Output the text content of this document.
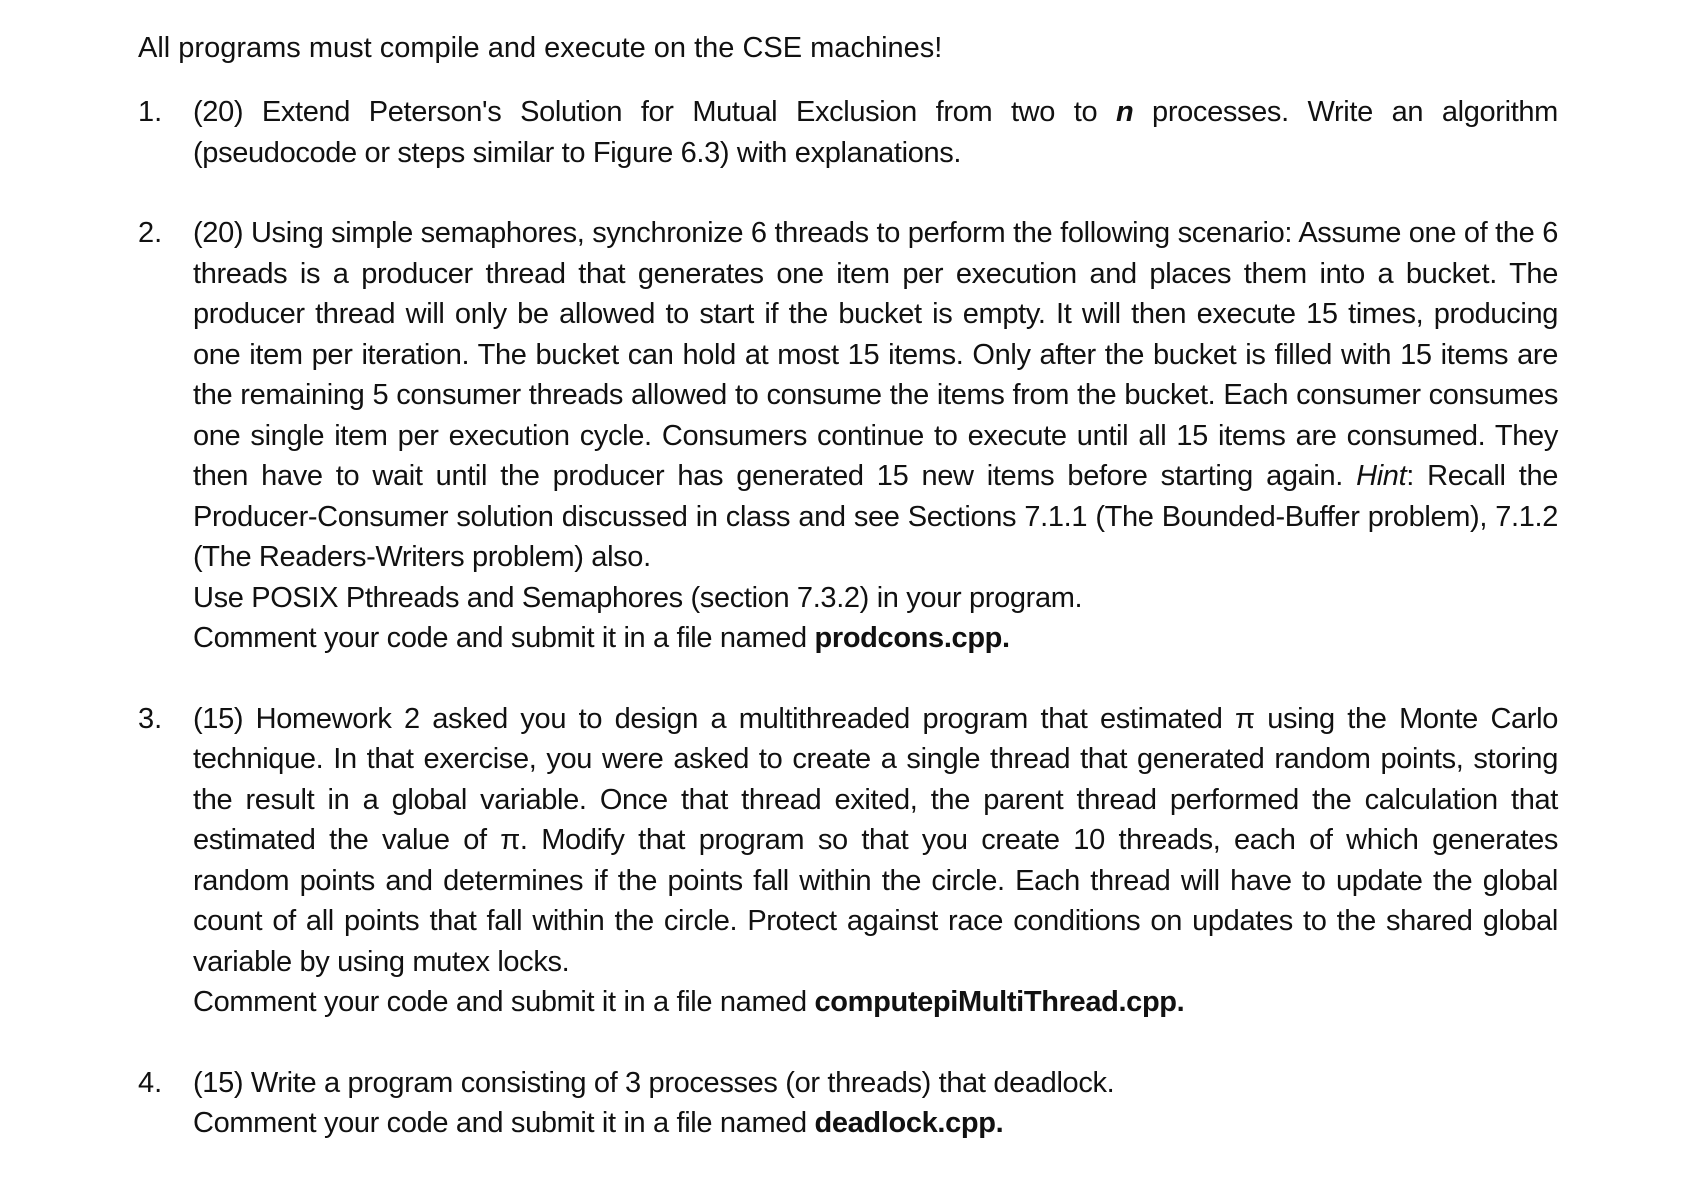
All programs must compile and execute on the CSE machines!
1. (20) Extend Peterson's Solution for Mutual Exclusion from two to n processes. Write an algorithm (pseudocode or steps similar to Figure 6.3) with explanations.
2. (20) Using simple semaphores, synchronize 6 threads to perform the following scenario: Assume one of the 6 threads is a producer thread that generates one item per execution and places them into a bucket. The producer thread will only be allowed to start if the bucket is empty. It will then execute 15 times, producing one item per iteration. The bucket can hold at most 15 items. Only after the bucket is filled with 15 items are the remaining 5 consumer threads allowed to consume the items from the bucket. Each consumer consumes one single item per execution cycle. Consumers continue to execute until all 15 items are consumed. They then have to wait until the producer has generated 15 new items before starting again. Hint: Recall the Producer-Consumer solution discussed in class and see Sections 7.1.1 (The Bounded-Buffer problem), 7.1.2 (The Readers-Writers problem) also.
Use POSIX Pthreads and Semaphores (section 7.3.2) in your program.
Comment your code and submit it in a file named prodcons.cpp.
3. (15) Homework 2 asked you to design a multithreaded program that estimated π using the Monte Carlo technique. In that exercise, you were asked to create a single thread that generated random points, storing the result in a global variable. Once that thread exited, the parent thread performed the calculation that estimated the value of π. Modify that program so that you create 10 threads, each of which generates random points and determines if the points fall within the circle. Each thread will have to update the global count of all points that fall within the circle. Protect against race conditions on updates to the shared global variable by using mutex locks.
Comment your code and submit it in a file named computepiMultiThread.cpp.
4. (15) Write a program consisting of 3 processes (or threads) that deadlock.
Comment your code and submit it in a file named deadlock.cpp.
